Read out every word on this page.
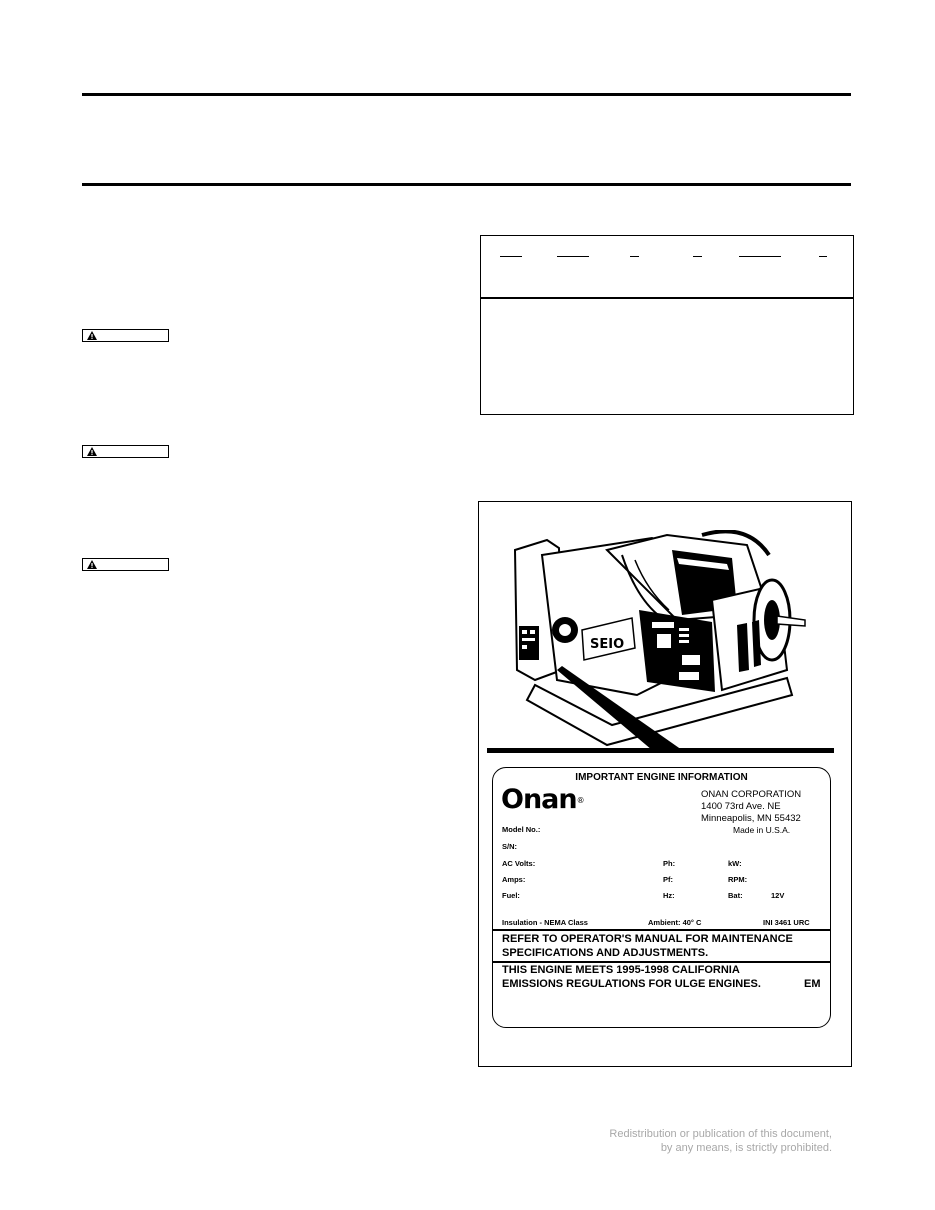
SEIO
IMPORTANT ENGINE INFORMATION
Onan®
ONAN CORPORATION
1400 73rd Ave. NE
Minneapolis, MN 55432
Made in U.S.A.
Model No.:
S/N:
AC Volts:	Ph:	kW:
Amps:	Pf:	RPM:
Fuel:	Hz:	Bat:	12V
Insulation - NEMA Class	Ambient: 40° C	INI 3461 URC
REFER TO OPERATOR'S MANUAL FOR MAINTENANCE
SPECIFICATIONS AND ADJUSTMENTS.
THIS ENGINE MEETS 1995-1998 CALIFORNIA
EMISSIONS REGULATIONS FOR ULGE ENGINES.	EM
Redistribution or publication of this document,
by any means, is strictly prohibited.
